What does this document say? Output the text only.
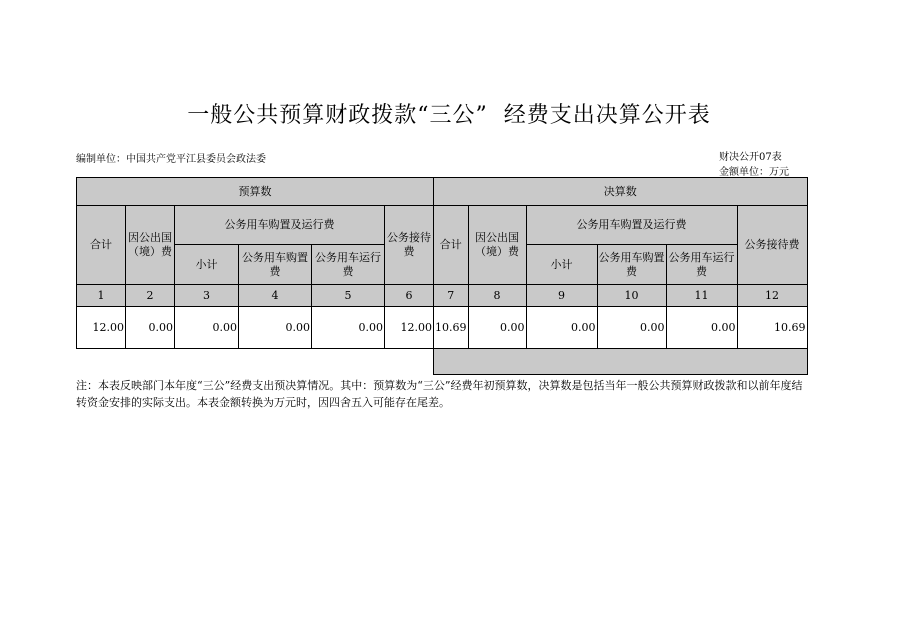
一般公共预算财政拨款“三公”  经费支出决算公开表
编制单位：中国共产党平江县委员会政法委	财决公开07表
金额单位：万元
预算数						决算数					
合计	因公出国（境）费	公务用车购置及运行费			公务接待费	合计	因公出国（境）费	公务用车购置及运行费			公务接待费
		小计	公务用车购置费	公务用车运行费				小计	公务用车购置费	公务用车运行费	
1	2	3	4	5	6	7	8	9	10	11	12
12.00	0.00	0.00	0.00	0.00	12.00	10.69	0.00	0.00	0.00	0.00	10.69

注：本表反映部门本年度“三公”经费支出预决算情况。其中：预算数为“三公”经费年初预算数，决算数是包括当年一般公共预算财政拨款和以前年度结转资金安排的实际支出。本表金额转换为万元时，因四舍五入可能存在尾差。
